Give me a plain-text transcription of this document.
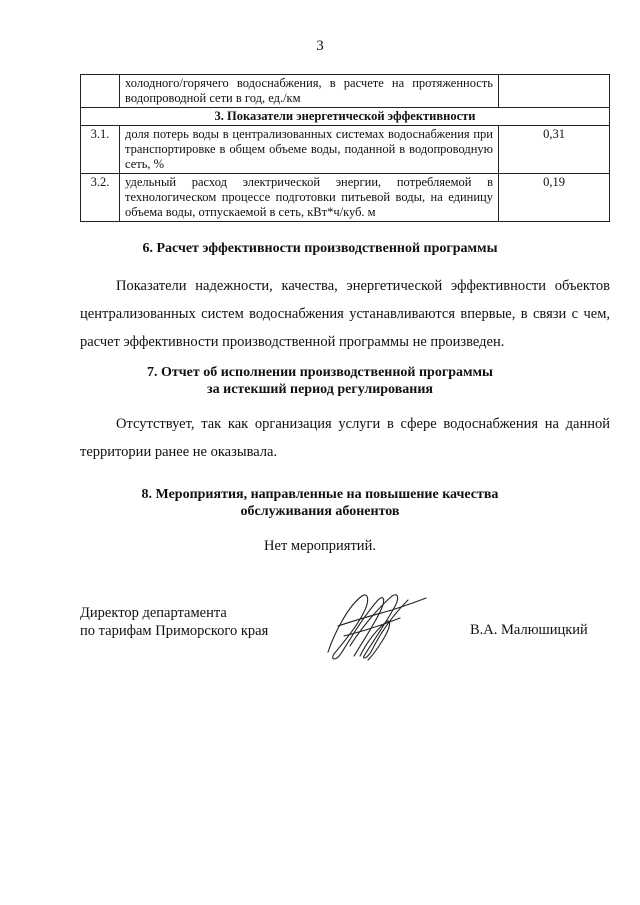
3
	холодного/горячего водоснабжения, в расчете на протяженность водопроводной сети в год, ед./км	
3. Показатели энергетической эффективности		
3.1.	доля потерь воды в централизованных системах водоснабжения при транспортировке в общем объеме воды, поданной в водопроводную сеть, %	0,31
3.2.	удельный расход электрической энергии, потребляемой в технологическом процессе подготовки питьевой воды, на единицу объема воды, отпускаемой в сеть, кВт*ч/куб. м	0,19
6. Расчет эффективности производственной программы

Показатели надежности, качества, энергетической эффективности объектов централизованных систем водоснабжения устанавливаются впервые, в связи с чем, расчет эффективности производственной программы не произведен.

7. Отчет об исполнении производственной программы
за истекший период регулирования

Отсутствует, так как организация услуги в сфере водоснабжения на данной территории ранее не оказывала.

8. Мероприятия, направленные на повышение качества
обслуживания абонентов
Нет мероприятий.
Директор департамента
по тарифам Приморского края	В.А. Малюшицкий
